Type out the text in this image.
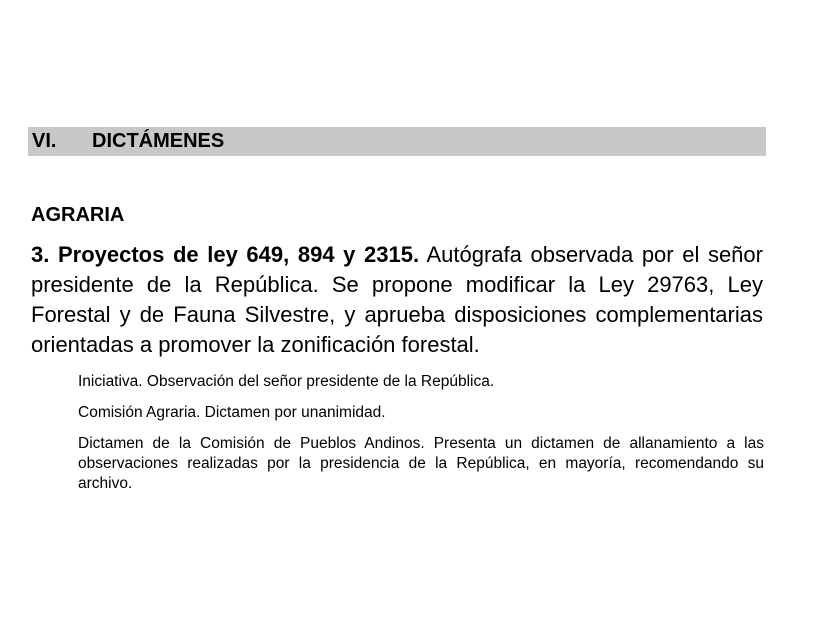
VI.	DICTÁMENES
AGRARIA
3. Proyectos de ley 649, 894 y 2315. Autógrafa observada por el señor presidente de la República. Se propone modificar la Ley 29763, Ley Forestal y de Fauna Silvestre, y aprueba disposiciones complementarias orientadas a promover la zonificación forestal.

Iniciativa. Observación del señor presidente de la República.

Comisión Agraria. Dictamen por unanimidad.

Dictamen de la Comisión de Pueblos Andinos. Presenta un dictamen de allanamiento a las observaciones realizadas por la presidencia de la República, en mayoría, recomendando su archivo.
